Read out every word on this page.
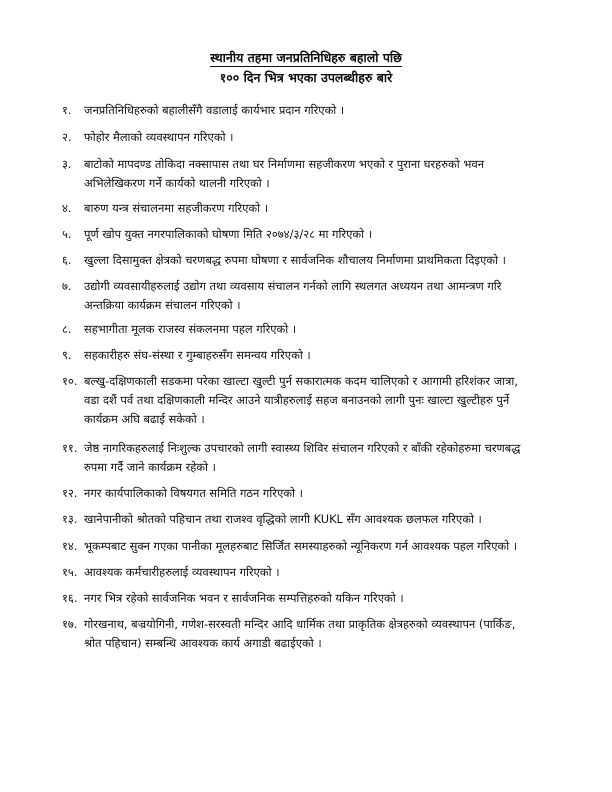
स्थानीय तहमा जनप्रतिनिधिहरु बहालो पछि
१०० दिन भित्र भएका उपलब्धीहरु बारे
१.	जनप्रतिनिधिहरुको बहालीसँगै वडालाई कार्यभार प्रदान गरिएको ।
२.	फोहोर मैलाको व्यवस्थापन गरिएको ।
३.	बाटोको मापदण्ड तोकिदा नक्सापास तथा घर निर्माणमा सहजीकरण भएको र पुराना घरहरुको भवन
अभिलेखिकरण गर्ने कार्यको थालनी गरिएको ।
४.	बारुण यन्त्र संचालनमा सहजीकरण गरिएको ।
५.	पूर्ण खोप युक्त नगरपालिकाको घोषणा मिति २०७४/३/२८ मा गरिएको ।
६.	खुल्ला दिसामुक्त क्षेत्रको चरणबद्ध रुपमा घोषणा र सार्वजनिक शौचालय निर्माणमा प्राथमिकता दिइएको ।
७.	उद्योगी व्यवसायीहरुलाई उद्योग तथा व्यवसाय संचालन गर्नको लागि स्थलगत अध्ययन तथा आमन्त्रण गरि
अन्तक्रिया कार्यक्रम संचालन गरिएको ।
८.	सहभागीता मूलक राजस्व संकलनमा पहल गरिएको ।
९.	सहकारीहरु संघ-संस्था र गुम्बाहरुसँग समन्वय गरिएको ।
१०. बल्खु-दक्षिणकाली सडकमा परेका खाल्टा खुल्टी पुर्न सकारात्मक कदम चालिएको र आगामी हरिशंकर जात्रा,
वडा दशैं पर्व तथा दक्षिणकाली मन्दिर आउने यात्रीहरुलाई सहज बनाउनको लागी पुनः खाल्टा खुल्टीहरु पुर्ने
कार्यक्रम अघि बढाई सकेको ।
११. जेष्ठ नागरिकहरुलाई निःशुल्क उपचारको लागी स्वास्थ्य शिविर संचालन गरिएको र बाँकी रहेकोहरुमा चरणबद्ध
रुपमा गर्दै जाने कार्यक्रम रहेको ।
१२. नगर कार्यपालिकाको विषयगत समिति गठन गरिएको ।
१३. खानेपानीको श्रोतको पहिचान तथा राजश्व वृद्धिको लागी KUKL सँग आवश्यक छलफल गरिएको ।
१४. भूकम्पबाट सुक्न गएका पानीका मूलहरुबाट सिर्जित समस्याहरुको न्यूनिकरण गर्न आवश्यक पहल गरिएको ।
१५. आवश्यक कर्मचारीहरुलाई व्यवस्थापन गरिएको ।
१६. नगर भित्र रहेको सार्वजनिक भवन र सार्वजनिक सम्पत्तिहरुको यकिन गरिएको ।
१७. गोरखनाथ, बज्रयोगिनी, गणेश-सरस्वती मन्दिर आदि धार्मिक तथा प्राकृतिक क्षेत्रहरुको व्यवस्थापन (पार्किङ,
श्रोत पहिचान) सम्बन्धि आवश्यक कार्य अगाडी बढाईएको ।
